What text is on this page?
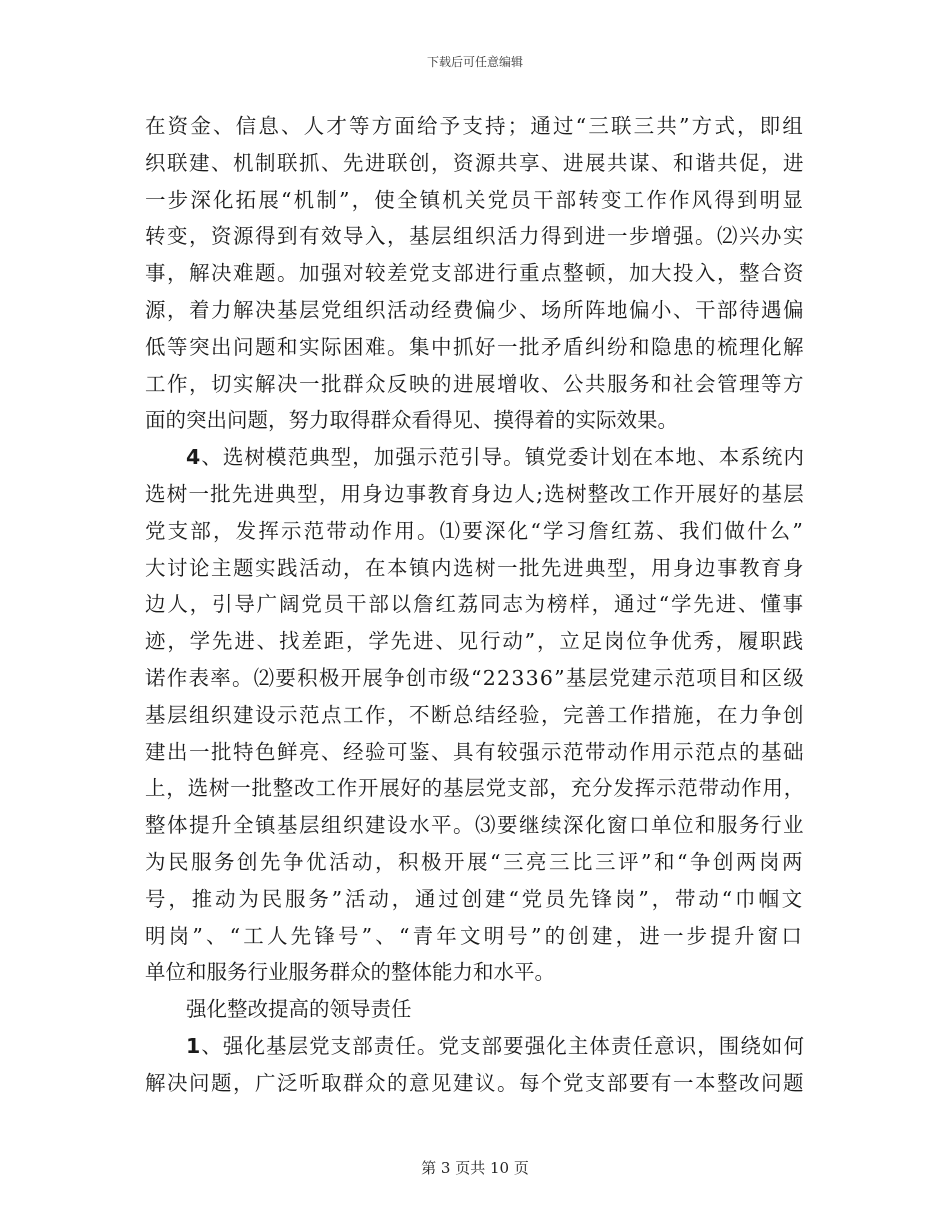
下载后可任意编辑
在资金、信息、人才等方面给予支持；通过“三联三共”方式，即组
织联建、机制联抓、先进联创，资源共享、进展共谋、和谐共促，进
一步深化拓展“机制”，使全镇机关党员干部转变工作作风得到明显
转变，资源得到有效导入，基层组织活力得到进一步增强。⑵兴办实
事，解决难题。加强对较差党支部进行重点整顿，加大投入，整合资
源，着力解决基层党组织活动经费偏少、场所阵地偏小、干部待遇偏
低等突出问题和实际困难。集中抓好一批矛盾纠纷和隐患的梳理化解
工作，切实解决一批群众反映的进展增收、公共服务和社会管理等方
面的突出问题，努力取得群众看得见、摸得着的实际效果。
4、选树模范典型，加强示范引导。镇党委计划在本地、本系统内
选树一批先进典型，用身边事教育身边人;选树整改工作开展好的基层
党支部，发挥示范带动作用。⑴要深化“学习詹红荔、我们做什么”
大讨论主题实践活动，在本镇内选树一批先进典型，用身边事教育身
边人，引导广阔党员干部以詹红荔同志为榜样，通过“学先进、懂事
迹，学先进、找差距，学先进、见行动”，立足岗位争优秀，履职践
诺作表率。⑵要积极开展争创市级“22336”基层党建示范项目和区级
基层组织建设示范点工作，不断总结经验，完善工作措施，在力争创
建出一批特色鲜亮、经验可鉴、具有较强示范带动作用示范点的基础
上，选树一批整改工作开展好的基层党支部，充分发挥示范带动作用，
整体提升全镇基层组织建设水平。⑶要继续深化窗口单位和服务行业
为民服务创先争优活动，积极开展“三亮三比三评”和“争创两岗两
号，推动为民服务”活动，通过创建“党员先锋岗”，带动“巾帼文
明岗”、“工人先锋号”、“青年文明号”的创建，进一步提升窗口
单位和服务行业服务群众的整体能力和水平。
强化整改提高的领导责任
1、强化基层党支部责任。党支部要强化主体责任意识，围绕如何
解决问题，广泛听取群众的意见建议。每个党支部要有一本整改问题
第 3 页共 10 页
